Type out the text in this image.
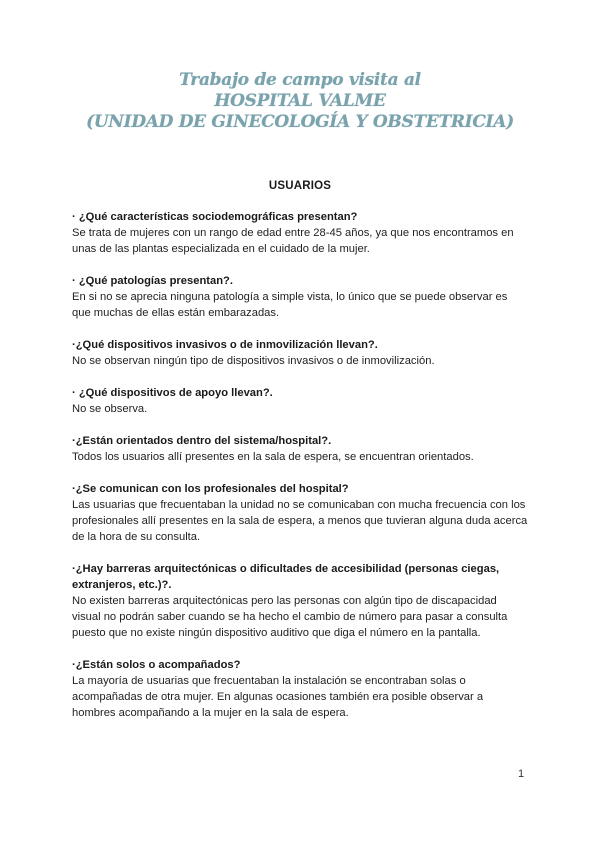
Trabajo de campo visita al
HOSPITAL VALME
(UNIDAD DE GINECOLOGÍA Y OBSTETRICIA)
USUARIOS

· ¿Qué características sociodemográficas presentan?

Se trata de mujeres con un rango de edad entre 28-45 años, ya que nos encontramos en unas de las plantas especializada en el cuidado de la mujer.

· ¿Qué patologías presentan?.

En si no se aprecia ninguna patología a simple vista, lo único que se puede observar es que muchas de ellas están embarazadas.

·¿Qué dispositivos invasivos o de inmovilización llevan?.

No se observan ningún tipo de dispositivos invasivos o de inmovilización.

· ¿Qué dispositivos de apoyo llevan?.

No se observa.

·¿Están orientados dentro del sistema/hospital?.

Todos los usuarios allí presentes en la sala de espera, se encuentran orientados.

·¿Se comunican con los profesionales del hospital?

Las usuarias que frecuentaban la unidad no se comunicaban con mucha frecuencia con los profesionales allí presentes en la sala de espera, a menos que tuvieran alguna duda acerca de la hora de su consulta.

·¿Hay barreras arquitectónicas o dificultades de accesibilidad (personas ciegas, extranjeros, etc.)?.

No existen barreras arquitectónicas pero las personas con algún tipo de discapacidad visual no podrán saber cuando se ha hecho el cambio de número para pasar a consulta puesto que no existe ningún dispositivo auditivo que diga el número en la pantalla.

·¿Están solos o acompañados?

La mayoría de usuarias que frecuentaban la instalación se encontraban solas o acompañadas de otra mujer. En algunas ocasiones también era posible observar a hombres acompañando a la mujer en la sala de espera.

1
